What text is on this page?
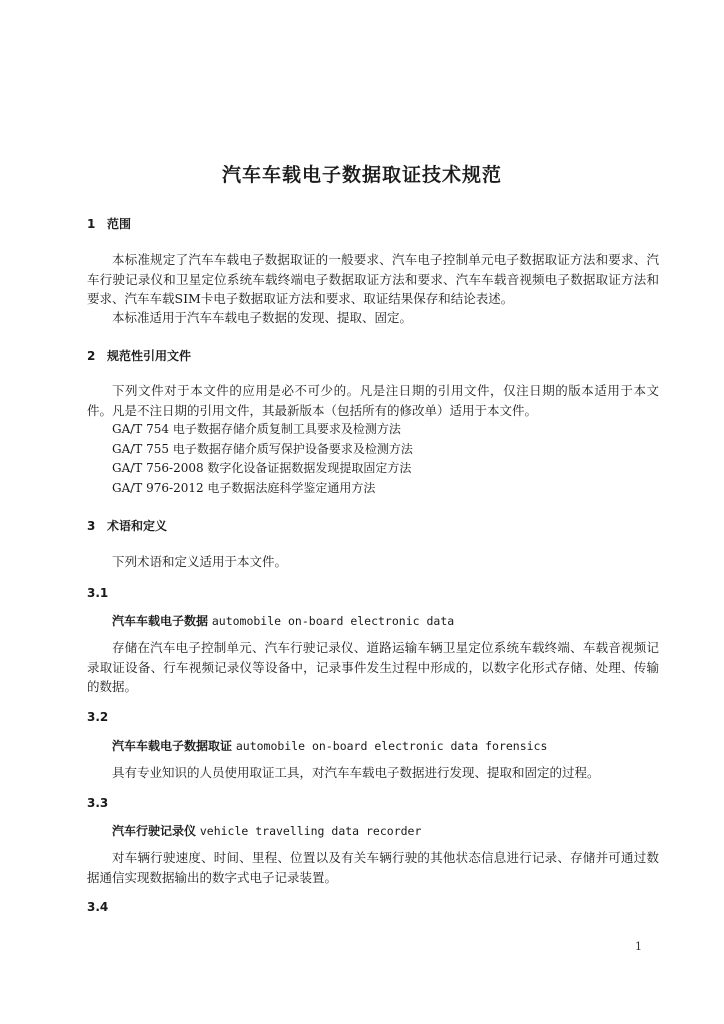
汽车车载电子数据取证技术规范
1 范围

本标准规定了汽车车载电子数据取证的一般要求、汽车电子控制单元电子数据取证方法和要求、汽车行驶记录仪和卫星定位系统车载终端电子数据取证方法和要求、汽车车载音视频电子数据取证方法和要求、汽车车载SIM卡电子数据取证方法和要求、取证结果保存和结论表述。

本标准适用于汽车车载电子数据的发现、提取、固定。

2 规范性引用文件

下列文件对于本文件的应用是必不可少的。凡是注日期的引用文件，仅注日期的版本适用于本文件。凡是不注日期的引用文件，其最新版本（包括所有的修改单）适用于本文件。

GA/T 754 电子数据存储介质复制工具要求及检测方法

GA/T 755 电子数据存储介质写保护设备要求及检测方法

GA/T 756-2008 数字化设备证据数据发现提取固定方法

GA/T 976-2012 电子数据法庭科学鉴定通用方法

3 术语和定义

下列术语和定义适用于本文件。

3.1
汽车车载电子数据 automobile on-board electronic data

存储在汽车电子控制单元、汽车行驶记录仪、道路运输车辆卫星定位系统车载终端、车载音视频记录取证设备、行车视频记录仪等设备中，记录事件发生过程中形成的，以数字化形式存储、处理、传输的数据。

3.2
汽车车载电子数据取证 automobile on-board electronic data forensics

具有专业知识的人员使用取证工具，对汽车车载电子数据进行发现、提取和固定的过程。

3.3
汽车行驶记录仪 vehicle travelling data recorder

对车辆行驶速度、时间、里程、位置以及有关车辆行驶的其他状态信息进行记录、存储并可通过数据通信实现数据输出的数字式电子记录装置。

3.4
1
